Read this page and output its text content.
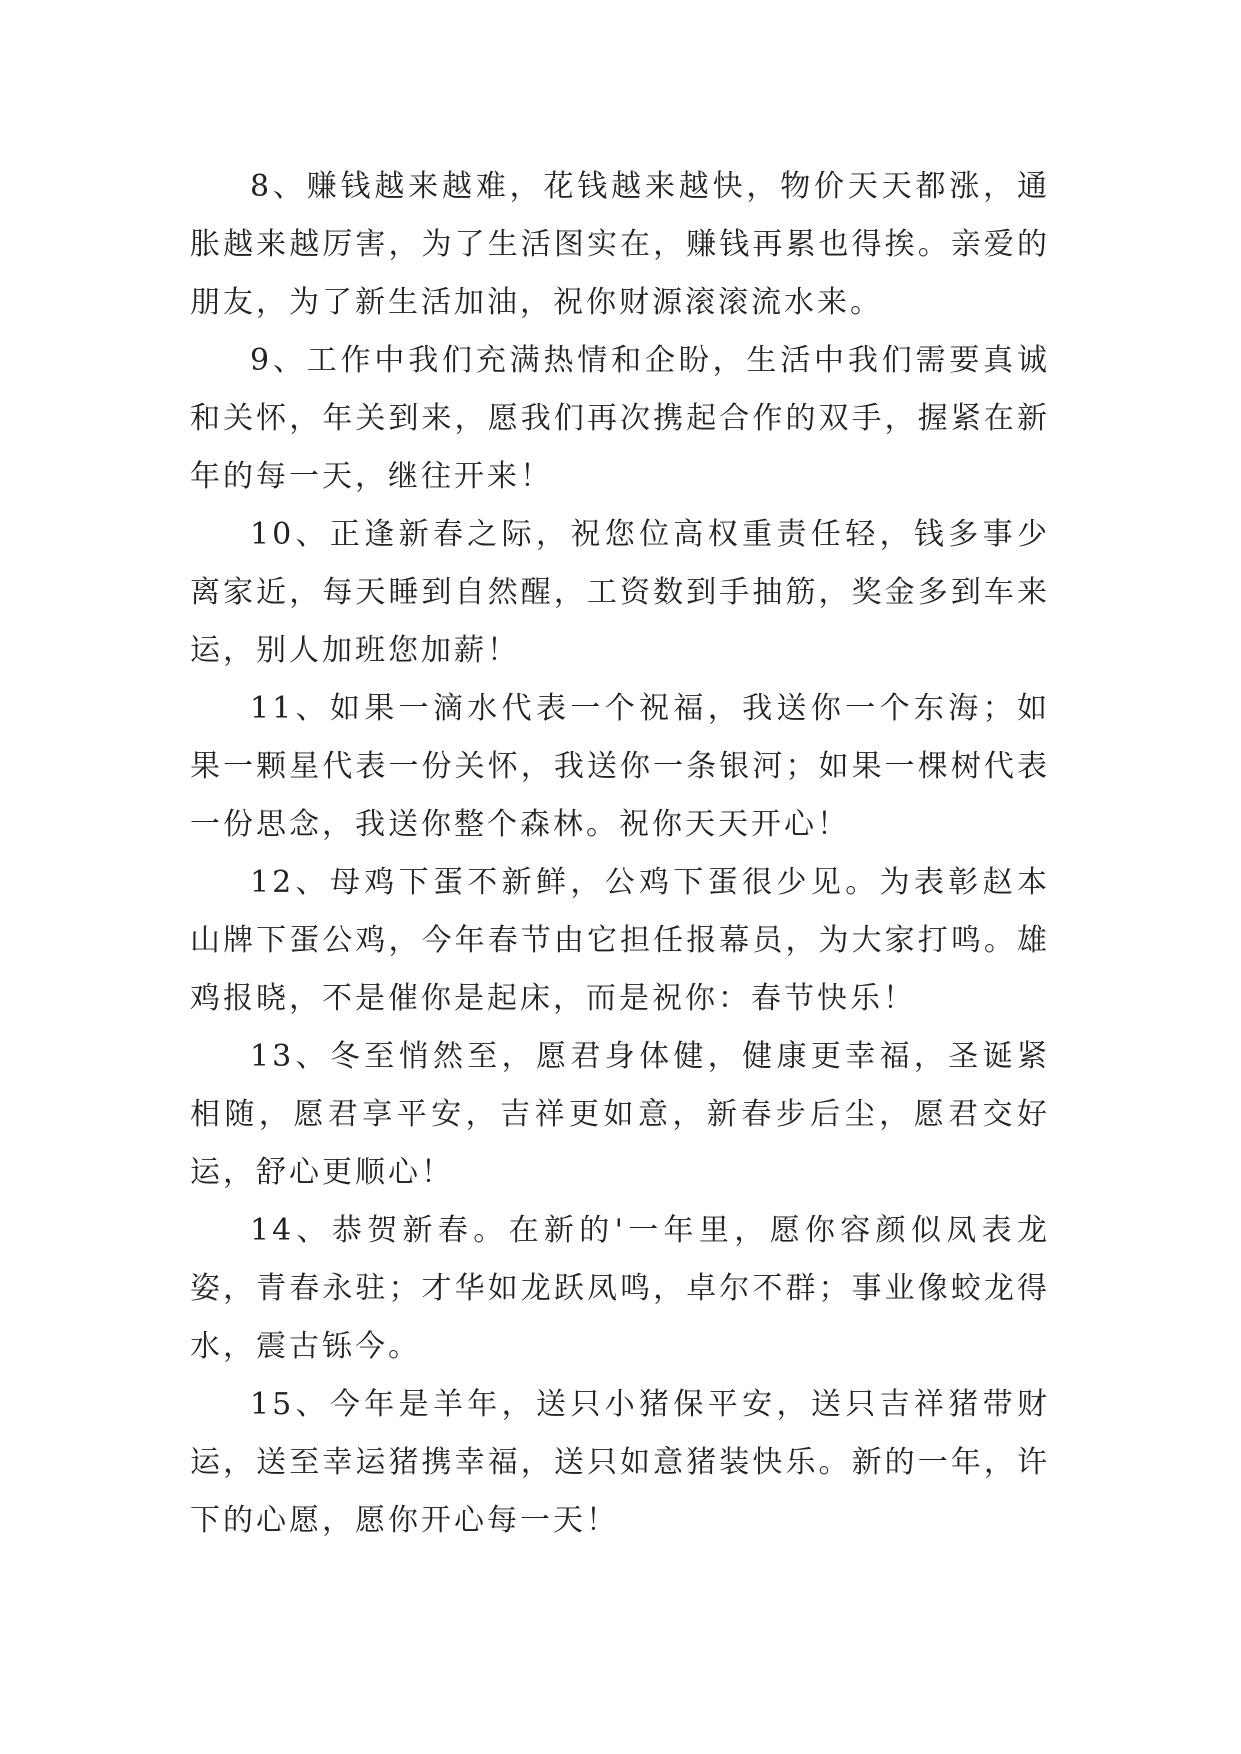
8、赚钱越来越难，花钱越来越快，物价天天都涨，通胀越来越厉害，为了生活图实在，赚钱再累也得挨。亲爱的朋友，为了新生活加油，祝你财源滚滚流水来。

9、工作中我们充满热情和企盼，生活中我们需要真诚和关怀，年关到来，愿我们再次携起合作的双手，握紧在新年的每一天，继往开来！

10、正逢新春之际，祝您位高权重责任轻，钱多事少离家近，每天睡到自然醒，工资数到手抽筋，奖金多到车来运，别人加班您加薪！

11、如果一滴水代表一个祝福，我送你一个东海；如果一颗星代表一份关怀，我送你一条银河；如果一棵树代表一份思念，我送你整个森林。祝你天天开心！

12、母鸡下蛋不新鲜，公鸡下蛋很少见。为表彰赵本山牌下蛋公鸡，今年春节由它担任报幕员，为大家打鸣。雄鸡报晓，不是催你是起床，而是祝你：春节快乐！

13、冬至悄然至，愿君身体健，健康更幸福，圣诞紧相随，愿君享平安，吉祥更如意，新春步后尘，愿君交好运，舒心更顺心！

14、恭贺新春。在新的'一年里，愿你容颜似凤表龙姿，青春永驻；才华如龙跃凤鸣，卓尔不群；事业像蛟龙得水，震古铄今。

15、今年是羊年，送只小猪保平安，送只吉祥猪带财运，送至幸运猪携幸福，送只如意猪装快乐。新的一年，许下的心愿，愿你开心每一天！
